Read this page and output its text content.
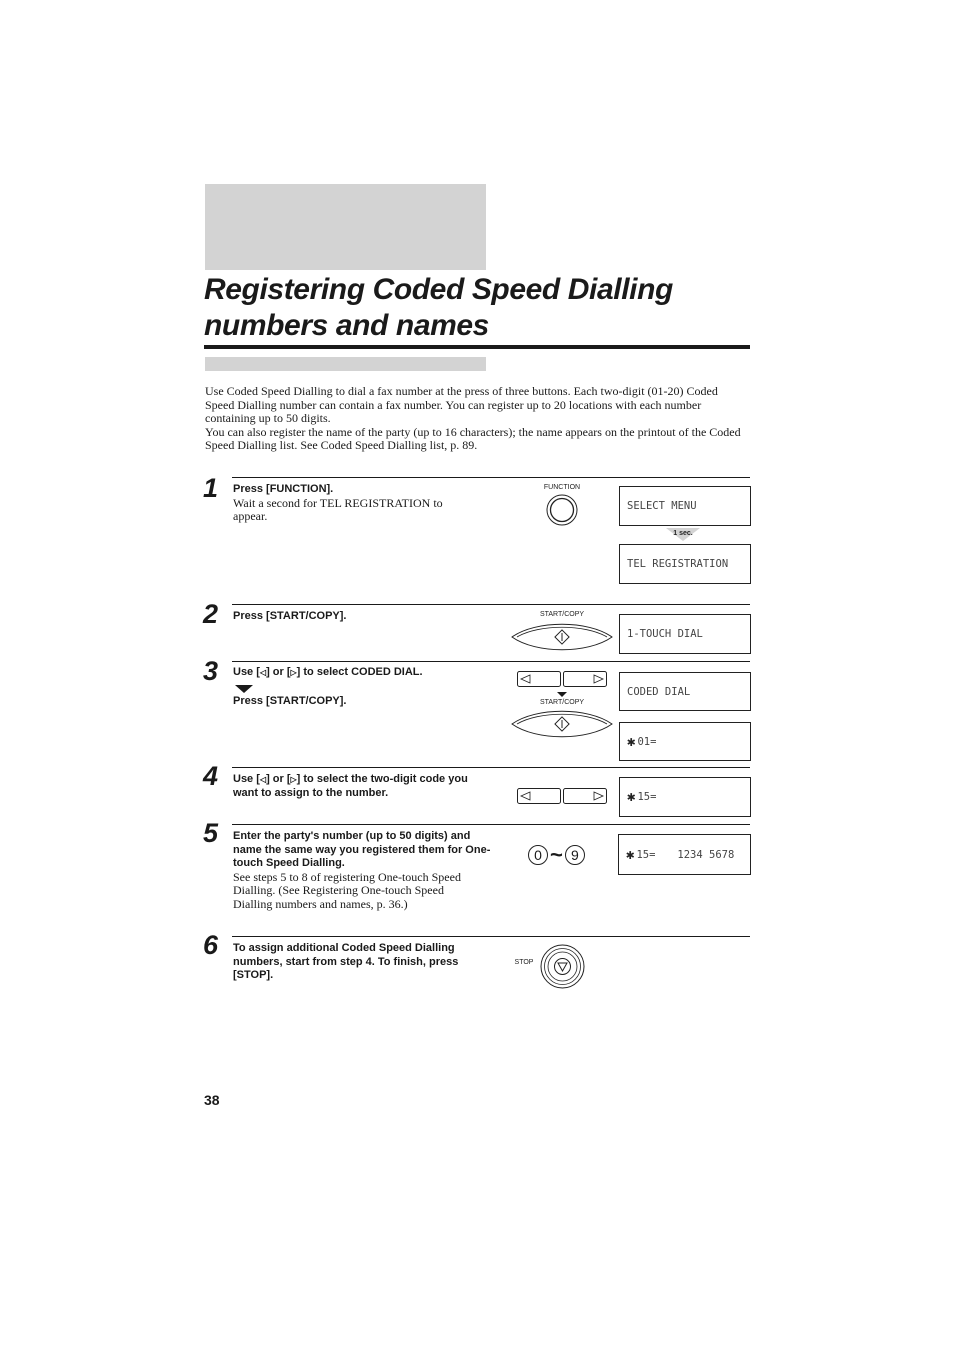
Registering Coded Speed Dialling
numbers and names

Use Coded Speed Dialling to dial a fax number at the press of three buttons. Each two-digit (01-20) Coded Speed Dialling number can contain a fax number. You can register up to 20 locations with each number containing up to 50 digits.

You can also register the name of the party (up to 16 characters); the name appears on the printout of the Coded Speed Dialling list. See Coded Speed Dialling list, p. 89.

1 Press [FUNCTION].
Wait a second for TEL REGISTRATION to appear.
FUNCTION
SELECT MENU
1 sec.
TEL REGISTRATION
2 Press [START/COPY].	START/COPY
1-TOUCH DIAL
3 Use [◁] or [▷] to select CODED DIAL.
Press [START/COPY].	START/COPY
CODED DIAL
✱ 01=
4 Use [◁] or [▷] to select the two-digit code you want to assign to the number.	✱ 15=
5 Enter the party's number (up to 50 digits) and name the same way you registered them for One-touch Speed Dialling.
See steps 5 to 8 of registering One-touch Speed Dialling. (See Registering One-touch Speed Dialling numbers and names, p. 36.)
0 ~ 9	✱ 15= 1234 5678
6 To assign additional Coded Speed Dialling numbers, start from step 4. To finish, press [STOP].
STOP
38
